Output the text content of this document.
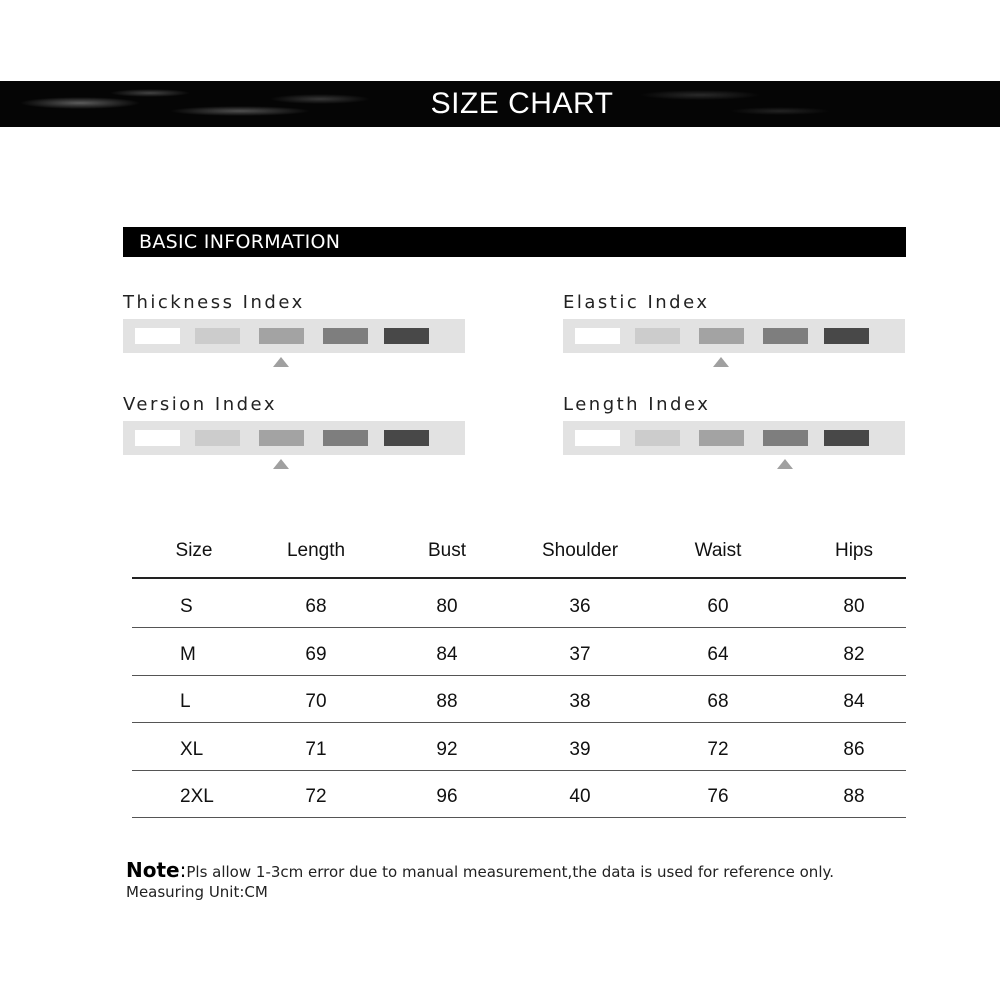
SIZE CHART
BASIC INFORMATION
Thickness Index	Elastic Index
Version Index	Length Index
Size	Length	Bust	Shoulder	Waist	Hips
S	68	80	36	60	80
M	69	84	37	64	82
L	70	88	38	68	84
XL	71	92	39	72	86
2XL	72	96	40	76	88
Note:Pls allow 1-3cm error due to manual measurement,the data is used for reference only.
Measuring Unit:CM
